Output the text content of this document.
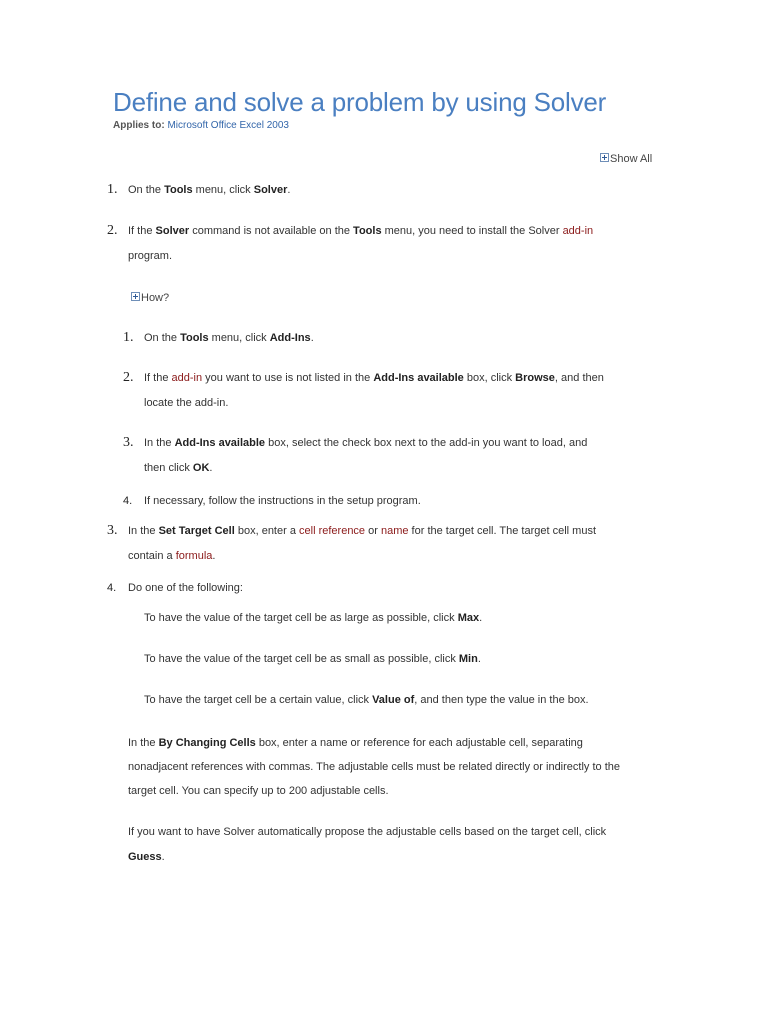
Define and solve a problem by using Solver
Applies to: Microsoft Office Excel 2003
Show All
1. On the Tools menu, click Solver.
2. If the Solver command is not available on the Tools menu, you need to install the Solver add-in
program.
How?
1. On the Tools menu, click Add-Ins.
2. If the add-in you want to use is not listed in the Add-Ins available box, click Browse, and then
locate the add-in.
3. In the Add-Ins available box, select the check box next to the add-in you want to load, and
then click OK.
4. If necessary, follow the instructions in the setup program.
3. In the Set Target Cell box, enter a cell reference or name for the target cell. The target cell must
contain a formula.
4. Do one of the following:
To have the value of the target cell be as large as possible, click Max.
To have the value of the target cell be as small as possible, click Min.
To have the target cell be a certain value, click Value of, and then type the value in the box.
In the By Changing Cells box, enter a name or reference for each adjustable cell, separating
nonadjacent references with commas. The adjustable cells must be related directly or indirectly to the
target cell. You can specify up to 200 adjustable cells.
If you want to have Solver automatically propose the adjustable cells based on the target cell, click
Guess.
